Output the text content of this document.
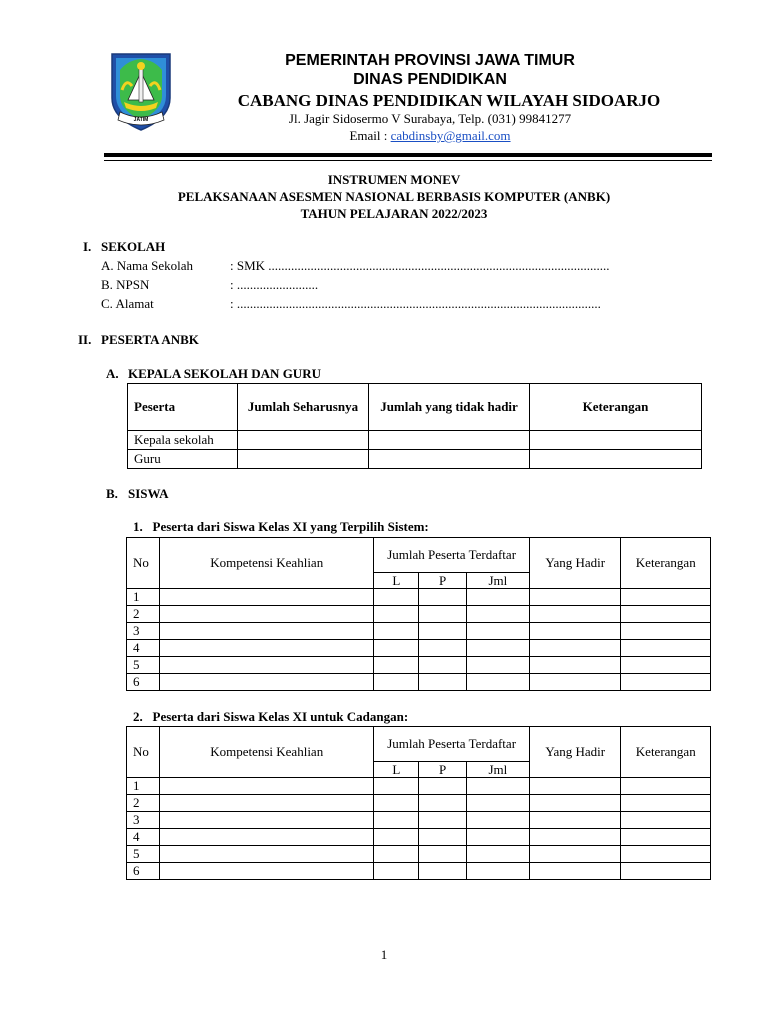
JATIM
PEMERINTAH PROVINSI JAWA TIMUR
DINAS PENDIDIKAN
CABANG DINAS PENDIDIKAN WILAYAH SIDOARJO
Jl. Jagir Sidosermo V Surabaya, Telp. (031) 99841277
Email : cabdinsby@gmail.com
INSTRUMEN MONEV
PELAKSANAAN ASESMEN NASIONAL BERBASIS KOMPUTER (ANBK)
TAHUN PELAJARAN 2022/2023
I. SEKOLAH
A. Nama Sekolah	: SMK .........................................................................................................
B. NPSN	: .........................
C. Alamat	: ................................................................................................................
II. PESERTA ANBK
A. KEPALA SEKOLAH DAN GURU
Peserta	Jumlah Seharusnya	Jumlah yang tidak hadir	Keterangan
Kepala sekolah			
Guru			
B. SISWA
1.   Peserta dari Siswa Kelas XI yang Terpilih Sistem:
No	Kompetensi Keahlian	Jumlah Peserta Terdaftar			Yang Hadir	Keterangan
		L	P	Jml		
1						
2						
3						
4						
5						
6						
2.   Peserta dari Siswa Kelas XI untuk Cadangan:
No	Kompetensi Keahlian	Jumlah Peserta Terdaftar			Yang Hadir	Keterangan
		L	P	Jml		
1						
2						
3						
4						
5						
6						
1
